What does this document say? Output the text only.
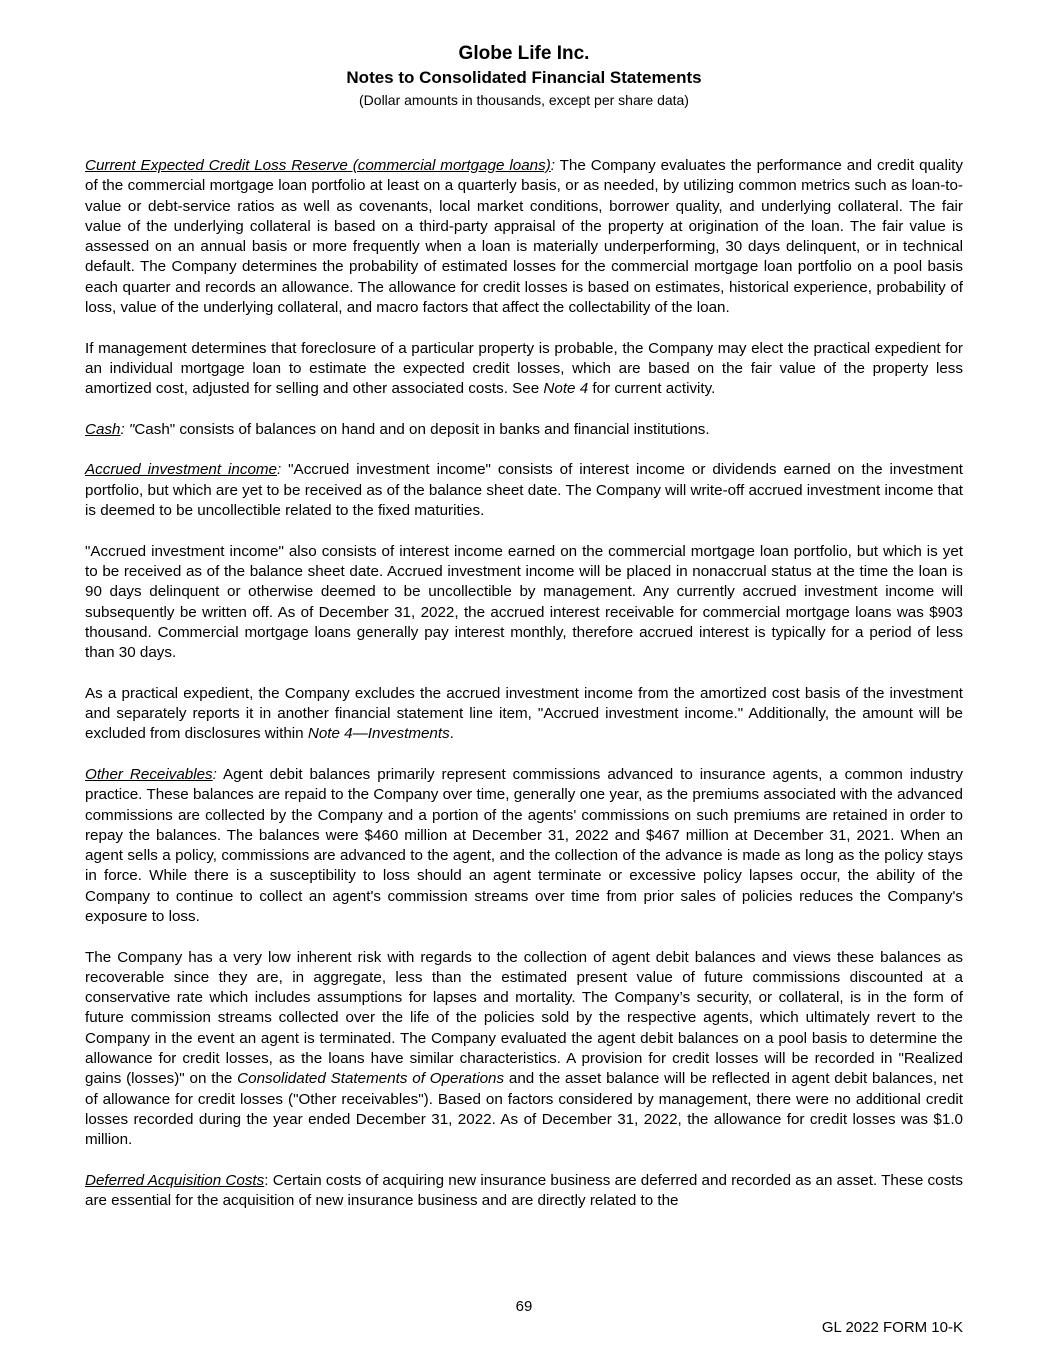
Globe Life Inc.
Notes to Consolidated Financial Statements
(Dollar amounts in thousands, except per share data)

Current Expected Credit Loss Reserve (commercial mortgage loans): The Company evaluates the performance and credit quality of the commercial mortgage loan portfolio at least on a quarterly basis, or as needed, by utilizing common metrics such as loan-to-value or debt-service ratios as well as covenants, local market conditions, borrower quality, and underlying collateral. The fair value of the underlying collateral is based on a third-party appraisal of the property at origination of the loan. The fair value is assessed on an annual basis or more frequently when a loan is materially underperforming, 30 days delinquent, or in technical default. The Company determines the probability of estimated losses for the commercial mortgage loan portfolio on a pool basis each quarter and records an allowance. The allowance for credit losses is based on estimates, historical experience, probability of loss, value of the underlying collateral, and macro factors that affect the collectability of the loan.

If management determines that foreclosure of a particular property is probable, the Company may elect the practical expedient for an individual mortgage loan to estimate the expected credit losses, which are based on the fair value of the property less amortized cost, adjusted for selling and other associated costs. See Note 4 for current activity.

Cash: "Cash" consists of balances on hand and on deposit in banks and financial institutions.

Accrued investment income: "Accrued investment income" consists of interest income or dividends earned on the investment portfolio, but which are yet to be received as of the balance sheet date. The Company will write-off accrued investment income that is deemed to be uncollectible related to the fixed maturities.

"Accrued investment income" also consists of interest income earned on the commercial mortgage loan portfolio, but which is yet to be received as of the balance sheet date. Accrued investment income will be placed in nonaccrual status at the time the loan is 90 days delinquent or otherwise deemed to be uncollectible by management. Any currently accrued investment income will subsequently be written off. As of December 31, 2022, the accrued interest receivable for commercial mortgage loans was $903 thousand. Commercial mortgage loans generally pay interest monthly, therefore accrued interest is typically for a period of less than 30 days.

As a practical expedient, the Company excludes the accrued investment income from the amortized cost basis of the investment and separately reports it in another financial statement line item, "Accrued investment income." Additionally, the amount will be excluded from disclosures within Note 4—Investments.

Other Receivables: Agent debit balances primarily represent commissions advanced to insurance agents, a common industry practice. These balances are repaid to the Company over time, generally one year, as the premiums associated with the advanced commissions are collected by the Company and a portion of the agents' commissions on such premiums are retained in order to repay the balances. The balances were $460 million at December 31, 2022 and $467 million at December 31, 2021. When an agent sells a policy, commissions are advanced to the agent, and the collection of the advance is made as long as the policy stays in force. While there is a susceptibility to loss should an agent terminate or excessive policy lapses occur, the ability of the Company to continue to collect an agent's commission streams over time from prior sales of policies reduces the Company's exposure to loss.

The Company has a very low inherent risk with regards to the collection of agent debit balances and views these balances as recoverable since they are, in aggregate, less than the estimated present value of future commissions discounted at a conservative rate which includes assumptions for lapses and mortality. The Company’s security, or collateral, is in the form of future commission streams collected over the life of the policies sold by the respective agents, which ultimately revert to the Company in the event an agent is terminated. The Company evaluated the agent debit balances on a pool basis to determine the allowance for credit losses, as the loans have similar characteristics. A provision for credit losses will be recorded in "Realized gains (losses)" on the Consolidated Statements of Operations and the asset balance will be reflected in agent debit balances, net of allowance for credit losses ("Other receivables"). Based on factors considered by management, there were no additional credit losses recorded during the year ended December 31, 2022. As of December 31, 2022, the allowance for credit losses was $1.0 million.

Deferred Acquisition Costs: Certain costs of acquiring new insurance business are deferred and recorded as an asset. These costs are essential for the acquisition of new insurance business and are directly related to the

69
GL 2022 FORM 10-K
